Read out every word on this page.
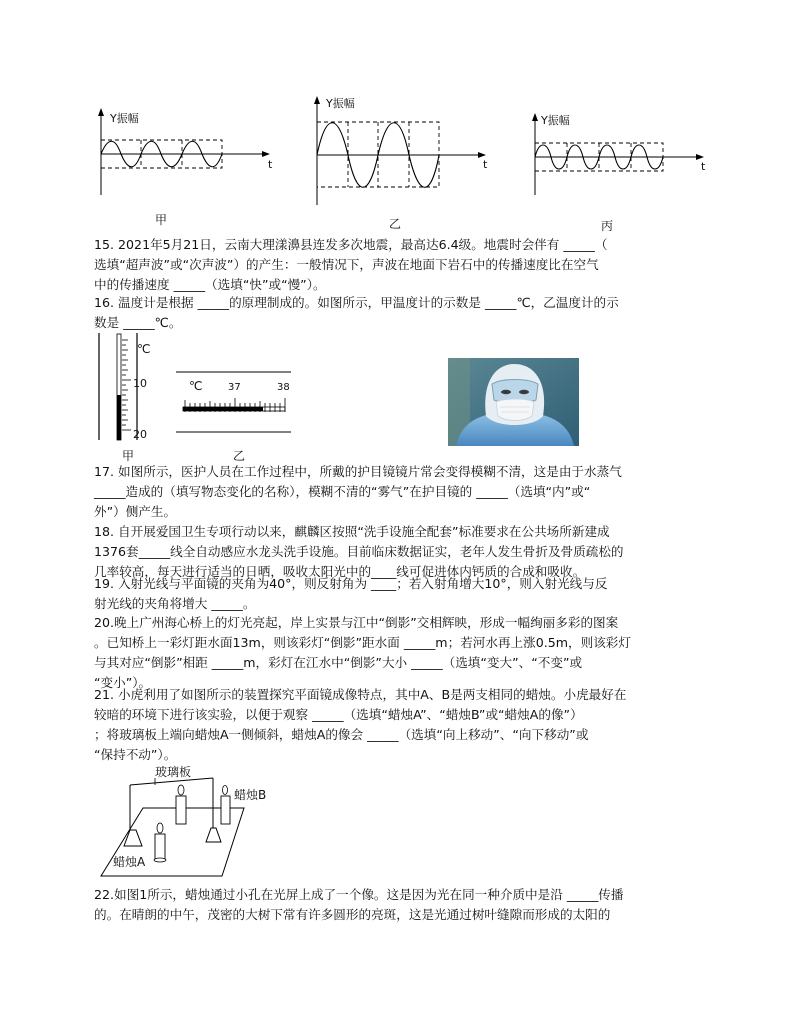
Y振幅
t
甲
Y振幅
t
乙
Y振幅
t
丙

15. 2021年5月21日，云南大理漾濞县连发多次地震，最高达6.4级。地震时会伴有 _____（
选填“超声波”或“次声波”）的产生：一般情况下，声波在地面下岩石中的传播速度比在空气
中的传播速度 _____（选填“快”或“慢”）。

16. 温度计是根据 _____的原理制成的。如图所示，甲温度计的示数是 _____℃，乙温度计的示
数是 _____℃。

℃
10
20
甲
℃	37	38
乙

17. 如图所示，医护人员在工作过程中，所戴的护目镜镜片常会变得模糊不清，这是由于水蒸气
_____造成的（填写物态变化的名称），模糊不清的“雾气”在护目镜的 _____（选填“内”或“
外”）侧产生。

18. 自开展爱国卫生专项行动以来，麒麟区按照“洗手设施全配套”标准要求在公共场所新建成
1376套_____线全自动感应水龙头洗手设施。目前临床数据证实，老年人发生骨折及骨质疏松的
几率较高，每天进行适当的日晒，吸收太阳光中的____线可促进体内钙质的合成和吸收。

19. 入射光线与平面镜的夹角为40°，则反射角为 ____；若入射角增大10°，则入射光线与反
射光线的夹角将增大 _____。

20.晚上广州海心桥上的灯光亮起，岸上实景与江中“倒影”交相辉映，形成一幅绚丽多彩的图案
。已知桥上一彩灯距水面13m，则该彩灯“倒影”距水面 _____m；若河水再上涨0.5m，则该彩灯
与其对应“倒影”相距 _____m，彩灯在江水中“倒影”大小 _____（选填“变大”、“不变”或
“变小”）。

21. 小虎利用了如图所示的装置探究平面镜成像特点，其中A、B是两支相同的蜡烛。小虎最好在
较暗的环境下进行该实验，以便于观察 _____（选填“蜡烛A”、“蜡烛B”或“蜡烛A的像”）
；将玻璃板上端向蜡烛A一侧倾斜，蜡烛A的像会 _____（选填“向上移动”、“向下移动”或
“保持不动”）。

玻璃板
蜡烛B
蜡烛A

22.如图1所示，蜡烛通过小孔在光屏上成了一个像。这是因为光在同一种介质中是沿 _____传播
的。在晴朗的中午，茂密的大树下常有许多圆形的亮斑，这是光通过树叶缝隙而形成的太阳的
